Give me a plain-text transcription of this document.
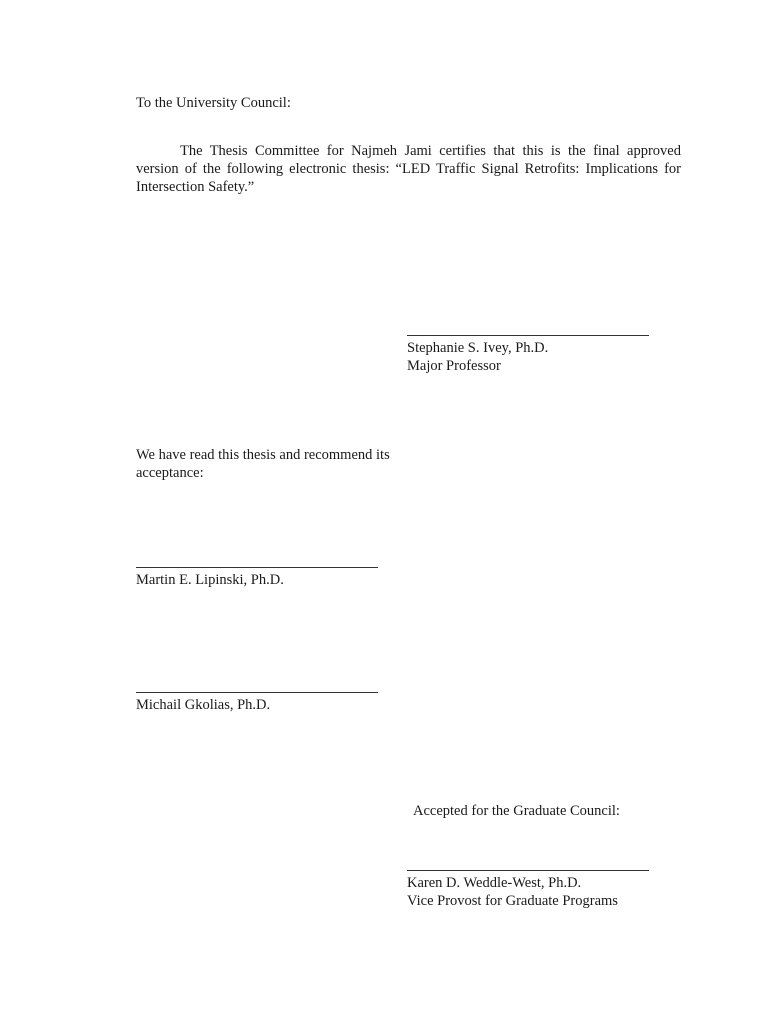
To the University Council:
The Thesis Committee for Najmeh Jami certifies that this is the final approved version of the following electronic thesis: “LED Traffic Signal Retrofits: Implications for Intersection Safety.”
Stephanie S. Ivey, Ph.D.
Major Professor
We have read this thesis and recommend its acceptance:
Martin E. Lipinski, Ph.D.
Michail Gkolias, Ph.D.
Accepted for the Graduate Council:
Karen D. Weddle-West, Ph.D.
Vice Provost for Graduate Programs
